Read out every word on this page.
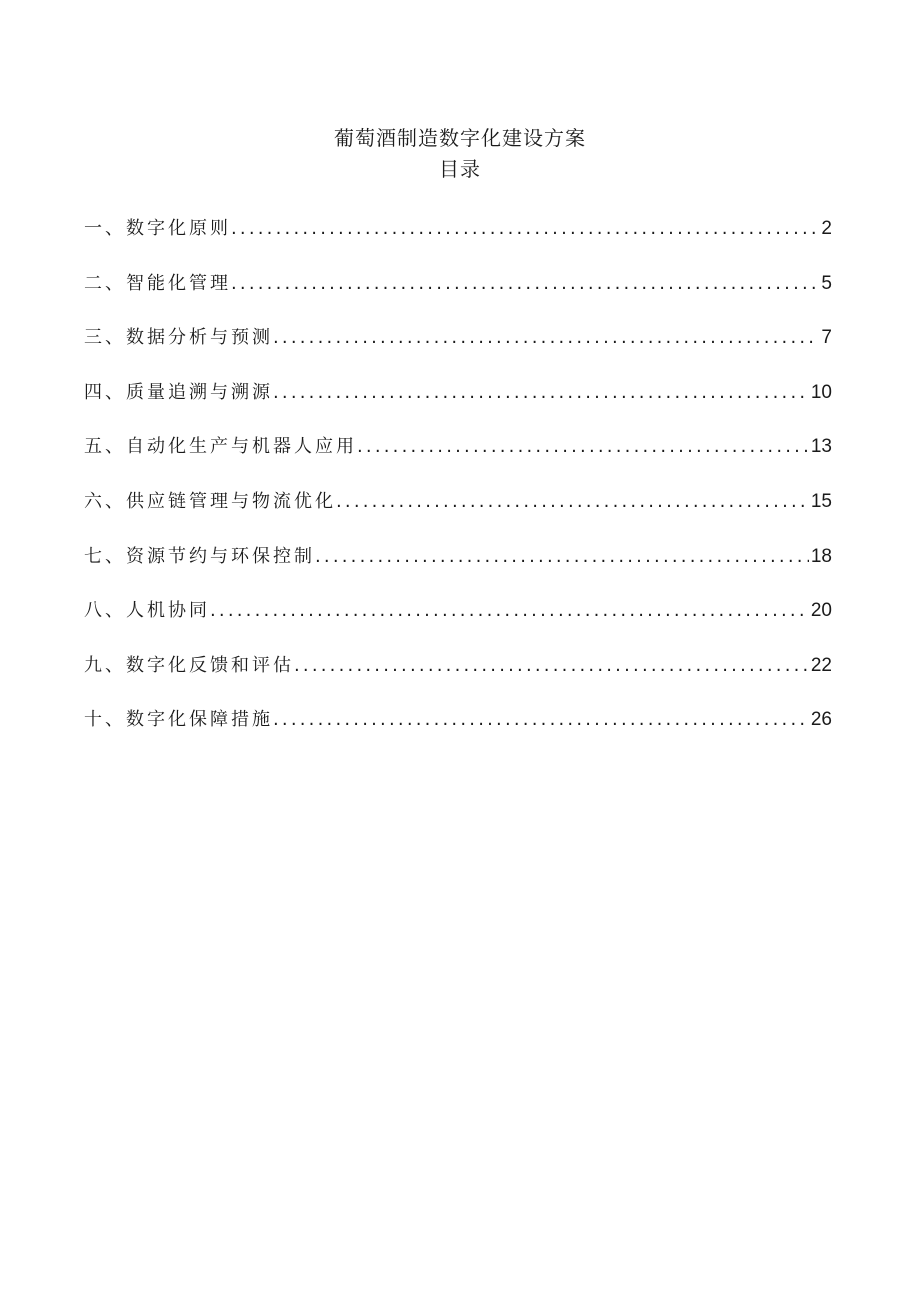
葡萄酒制造数字化建设方案
目录
一、数字化原则 .....	2
二、智能化管理 .....	5
三、数据分析与预测 .....	7
四、质量追溯与溯源 .....	10
五、自动化生产与机器人应用 .....	13
六、供应链管理与物流优化 .....	15
七、资源节约与环保控制 .....	18
八、人机协同 .....	20
九、数字化反馈和评估 .....	22
十、数字化保障措施 .....	26
